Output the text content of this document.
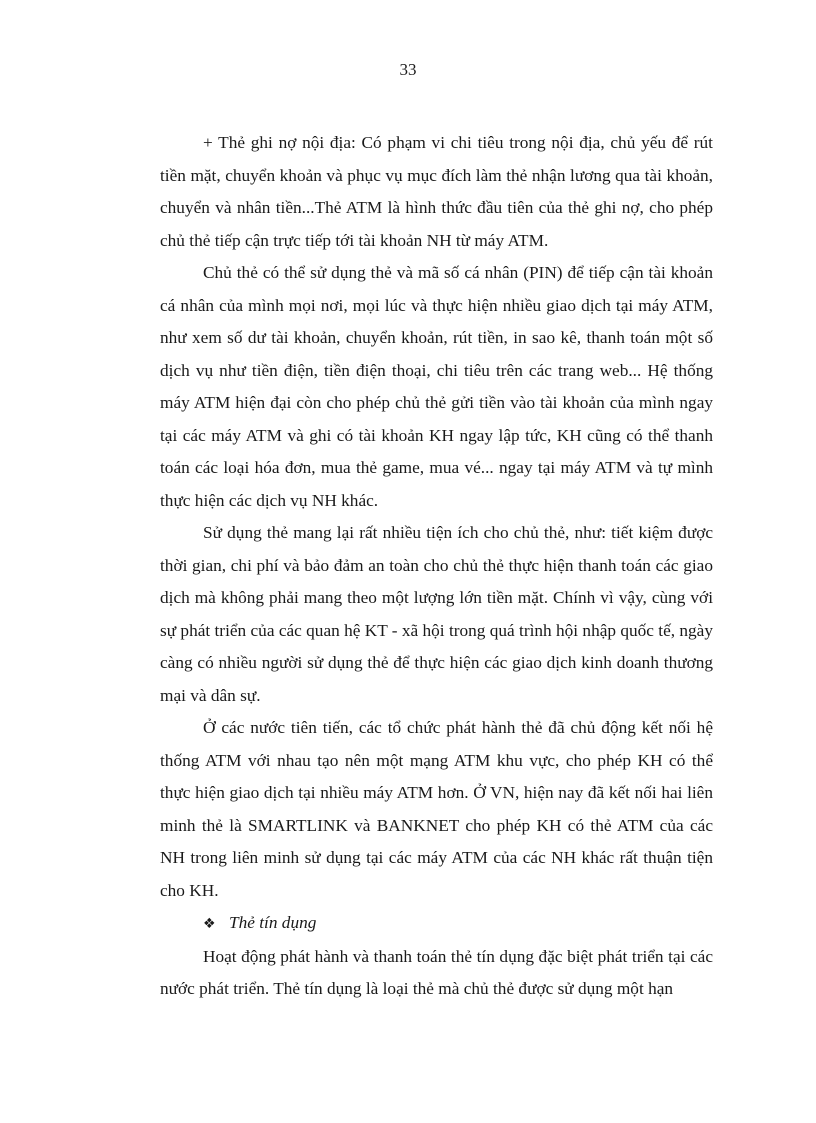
33

+ Thẻ ghi nợ nội địa: Có phạm vi chi tiêu trong nội địa, chủ yếu để rút tiền mặt, chuyển khoản và phục vụ mục đích làm thẻ nhận lương qua tài khoản, chuyển và nhân tiền...Thẻ ATM là hình thức đầu tiên của thẻ ghi nợ, cho phép chủ thẻ tiếp cận trực tiếp tới tài khoản NH từ máy ATM.

Chủ thẻ có thể sử dụng thẻ và mã số cá nhân (PIN) để tiếp cận tài khoản cá nhân của mình mọi nơi, mọi lúc và thực hiện nhiều giao dịch tại máy ATM, như xem số dư tài khoản, chuyển khoản, rút tiền, in sao kê, thanh toán một số dịch vụ như tiền điện, tiền điện thoại, chi tiêu trên các trang web... Hệ thống máy ATM hiện đại còn cho phép chủ thẻ gửi tiền vào tài khoản của mình ngay tại các máy ATM và ghi có tài khoản KH ngay lập tức, KH cũng có thể thanh toán các loại hóa đơn, mua thẻ game, mua vé... ngay tại máy ATM và tự mình thực hiện các dịch vụ NH khác.

Sử dụng thẻ mang lại rất nhiều tiện ích cho chủ thẻ, như: tiết kiệm được thời gian, chi phí và bảo đảm an toàn cho chủ thẻ thực hiện thanh toán các giao dịch mà không phải mang theo một lượng lớn tiền mặt. Chính vì vậy, cùng với sự phát triển của các quan hệ KT - xã hội trong quá trình hội nhập quốc tế, ngày càng có nhiều người sử dụng thẻ để thực hiện các giao dịch kinh doanh thương mại và dân sự.

Ở các nước tiên tiến, các tổ chức phát hành thẻ đã chủ động kết nối hệ thống ATM với nhau tạo nên một mạng ATM khu vực, cho phép KH có thể thực hiện giao dịch tại nhiều máy ATM hơn. Ở VN, hiện nay đã kết nối hai liên minh thẻ là SMARTLINK và BANKNET cho phép KH có thẻ ATM của các NH trong liên minh sử dụng tại các máy ATM của các NH khác rất thuận tiện cho KH.

❖ Thẻ tín dụng

Hoạt động phát hành và thanh toán thẻ tín dụng đặc biệt phát triển tại các nước phát triển. Thẻ tín dụng là loại thẻ mà chủ thẻ được sử dụng một hạn
